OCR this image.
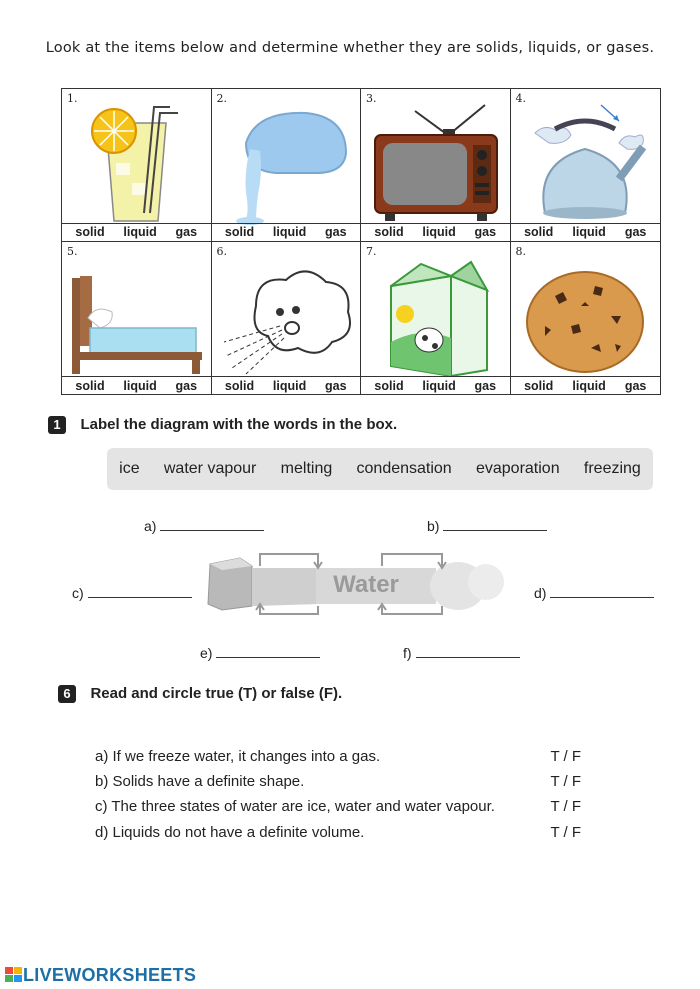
Look at the items below and determine whether they are solids, liquids, or gases.
1.
solid liquid gas
2.
solid liquid gas
3.
solid liquid gas
4.
solid liquid gas
5.
solid liquid gas
6.
solid liquid gas
7.
solid liquid gas
8.
solid liquid gas
1 Label the diagram with the words in the box.
ice water vapour melting condensation evaporation freezing
a)	b)
c)	d)
e)	f)
Water
6 Read and circle true (T) or false (F).
a) If we freeze water, it changes into a gas.	T / F
b) Solids have a definite shape.	T / F
c) The three states of water are ice, water and water vapour.	T / F
d) Liquids do not have a definite volume.	T / F
LIVEWORKSHEETS
